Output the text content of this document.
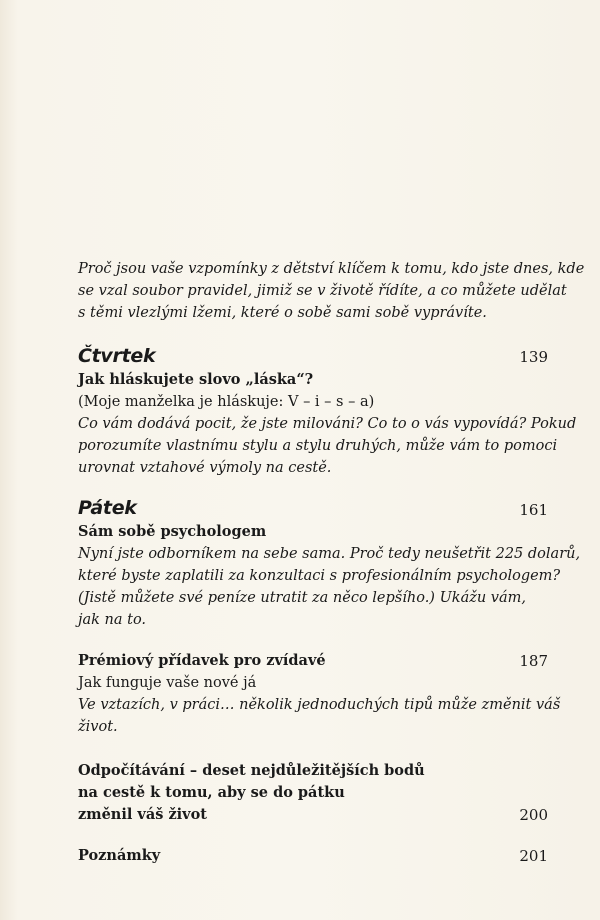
Proč jsou vaše vzpomínky z dětství klíčem k tomu, kdo jste dnes, kde
se vzal soubor pravidel, jimiž se v životě řídíte, a co můžete udělat
s těmi vlezlými lžemi, které o sobě sami sobě vyprávíte.
Čtvrtek	139
Jak hláskujete slovo „láska“?
(Moje manželka je hláskuje: V – i – s – a)
Co vám dodává pocit, že jste milováni? Co to o vás vypovídá? Pokud
porozumíte vlastnímu stylu a stylu druhých, může vám to pomoci
urovnat vztahové výmoly na cestě.
Pátek	161
Sám sobě psychologem
Nyní jste odborníkem na sebe sama. Proč tedy neušetřit 225 dolarů,
které byste zaplatili za konzultaci s profesionálním psychologem?
(Jistě můžete své peníze utratit za něco lepšího.) Ukážu vám,
jak na to.
Prémiový přídavek pro zvídavé	187
Jak funguje vaše nové já
Ve vztazích, v práci… několik jednoduchých tipů může změnit váš
život.
Odpočítávání – deset nejdůležitějších bodů
na cestě k tomu, aby se do pátku
změnil váš život	200
Poznámky	201
